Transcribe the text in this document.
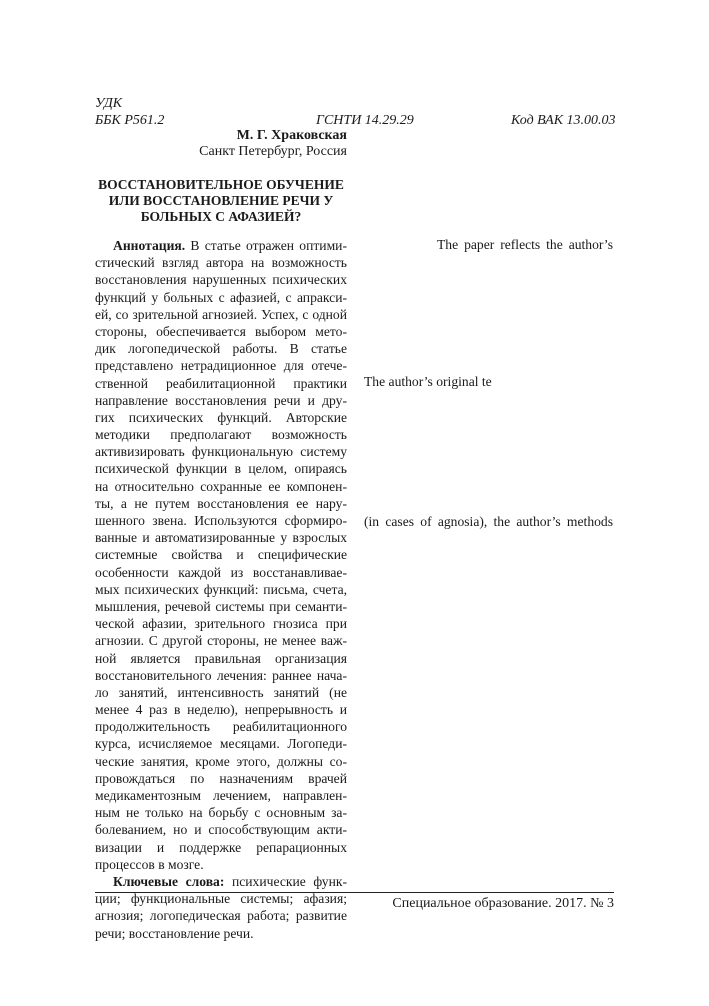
УДК
ББК Р561.2	ГСНТИ 14.29.29	Код ВАК 13.00.03
М. Г. Храковская
Санкт Петербург, Россия
ВОССТАНОВИТЕЛЬНОЕ ОБУЧЕНИЕ ИЛИ ВОССТАНОВЛЕНИЕ РЕЧИ У БОЛЬНЫХ С АФАЗИЕЙ?
Аннотация. В статье отражен оптими-
стический взгляд автора на возможность
восстановления нарушенных психических
функций у больных с афазией, с апракси-
ей, со зрительной агнозией. Успех, с одной
стороны, обеспечивается выбором мето-
дик логопедической работы. В статье
представлено нетрадиционное для отече-
ственной реабилитационной практики
направление восстановления речи и дру-
гих психических функций. Авторские
методики предполагают возможность
активизировать функциональную систему
психической функции в целом, опираясь
на относительно сохранные ее компонен-
ты, а не путем восстановления ее нару-
шенного звена. Используются сформиро-
ванные и автоматизированные у взрослых
системные свойства и специфические
особенности каждой из восстанавливае-
мых психических функций: письма, счета,
мышления, речевой системы при семанти-
ческой афазии, зрительного гнозиса при
агнозии. С другой стороны, не менее важ-
ной является правильная организация
восстановительного лечения: раннее нача-
ло занятий, интенсивность занятий (не
менее 4 раз в неделю), непрерывность и
продолжительность реабилитационного
курса, исчисляемое месяцами. Логопеди-
ческие занятия, кроме этого, должны со-
провождаться по назначениям врачей
медикаментозным лечением, направлен-
ным не только на борьбу с основным за-
болеванием, но и способствующим акти-
визации и поддержке репарационных
процессов в мозге.
Ключевые слова: психические функ-
ции; функциональные системы; афазия;
агнозия; логопедическая работа; развитие
речи; восстановление речи.
The paper reflects the author’s
The author’s original te
(in cases of agnosia), the author’s methods
Специальное образование. 2017. № 3
